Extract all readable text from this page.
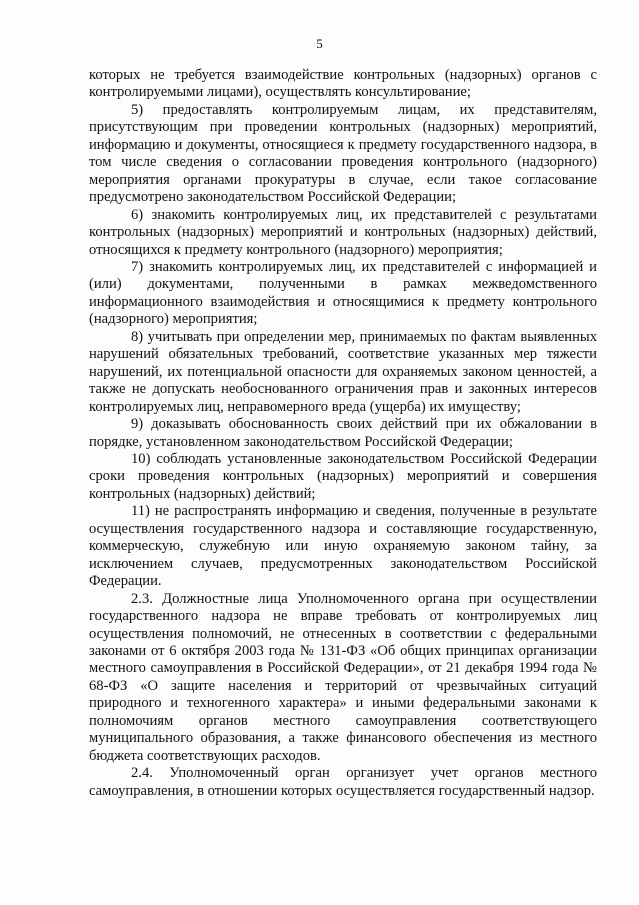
5

которых не требуется взаимодействие контрольных (надзорных) органов с контролируемыми лицами), осуществлять консультирование;

5) предоставлять контролируемым лицам, их представителям, присутствующим при проведении контрольных (надзорных) мероприятий, информацию и документы, относящиеся к предмету государственного надзора, в том числе сведения о согласовании проведения контрольного (надзорного) мероприятия органами прокуратуры в случае, если такое согласование предусмотрено законодательством Российской Федерации;

6) знакомить контролируемых лиц, их представителей с результатами контрольных (надзорных) мероприятий и контрольных (надзорных) действий, относящихся к предмету контрольного (надзорного) мероприятия;

7) знакомить контролируемых лиц, их представителей с информацией и (или) документами, полученными в рамках межведомственного информационного взаимодействия и относящимися к предмету контрольного (надзорного) мероприятия;

8) учитывать при определении мер, принимаемых по фактам выявленных нарушений обязательных требований, соответствие указанных мер тяжести нарушений, их потенциальной опасности для охраняемых законом ценностей, а также не допускать необоснованного ограничения прав и законных интересов контролируемых лиц, неправомерного вреда (ущерба) их имуществу;

9) доказывать обоснованность своих действий при их обжаловании в порядке, установленном законодательством Российской Федерации;

10) соблюдать установленные законодательством Российской Федерации сроки проведения контрольных (надзорных) мероприятий и совершения контрольных (надзорных) действий;

11) не распространять информацию и сведения, полученные в результате осуществления государственного надзора и составляющие государственную, коммерческую, служебную или иную охраняемую законом тайну, за исключением случаев, предусмотренных законодательством Российской Федерации.

2.3. Должностные лица Уполномоченного органа при осуществлении государственного надзора не вправе требовать от контролируемых лиц осуществления полномочий, не отнесенных в соответствии с федеральными законами от 6 октября 2003 года № 131-ФЗ «Об общих принципах организации местного самоуправления в Российской Федерации», от 21 декабря 1994 года № 68-ФЗ «О защите населения и территорий от чрезвычайных ситуаций природного и техногенного характера» и иными федеральными законами к полномочиям органов местного самоуправления соответствующего муниципального образования, а также финансового обеспечения из местного бюджета соответствующих расходов.

2.4. Уполномоченный орган организует учет органов местного самоуправления, в отношении которых осуществляется государственный надзор.
